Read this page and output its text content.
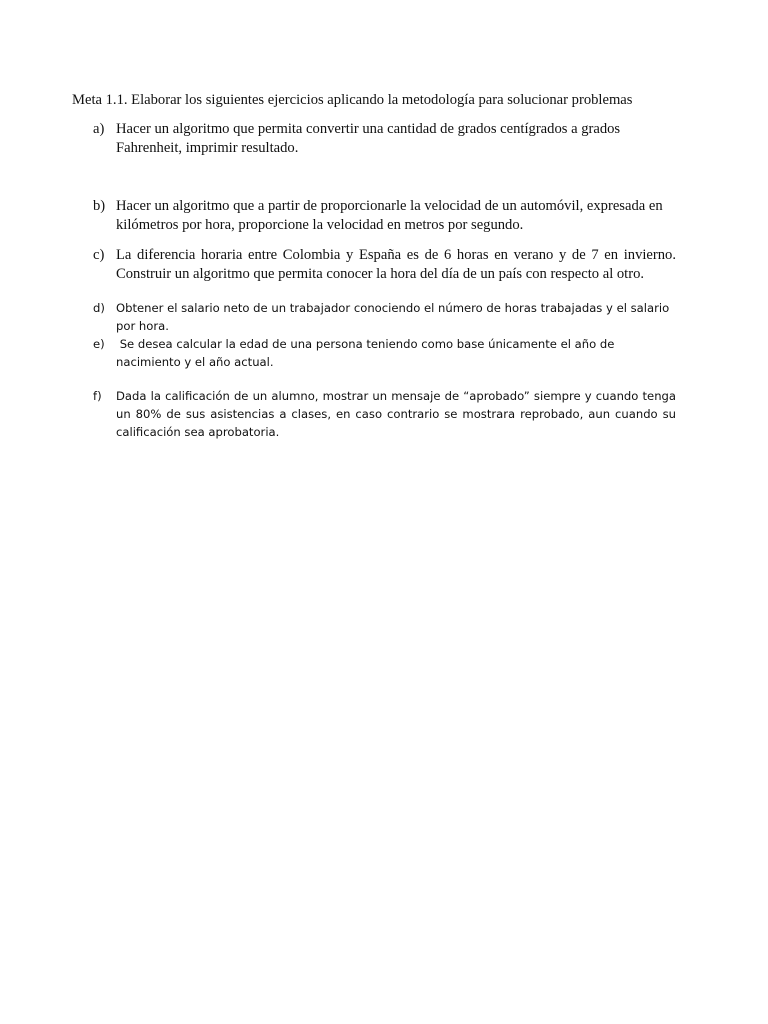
Meta 1.1. Elaborar los siguientes ejercicios aplicando la metodología para solucionar problemas
a) Hacer un algoritmo que permita convertir una cantidad de grados centígrados a grados Fahrenheit, imprimir resultado.
b) Hacer un algoritmo que a partir de proporcionarle la velocidad de un automóvil, expresada en kilómetros por hora, proporcione la velocidad en metros por segundo.
c) La diferencia horaria entre Colombia y España es de 6 horas en verano y de 7 en invierno. Construir un algoritmo que permita conocer la hora del día de un país con respecto al otro.
d) Obtener el salario neto de un trabajador conociendo el número de horas trabajadas y el salario por hora.
e) Se desea calcular la edad de una persona teniendo como base únicamente el año de nacimiento y el año actual.
f) Dada la calificación de un alumno, mostrar un mensaje de “aprobado” siempre y cuando tenga un 80% de sus asistencias a clases, en caso contrario se mostrara reprobado, aun cuando su calificación sea aprobatoria.
